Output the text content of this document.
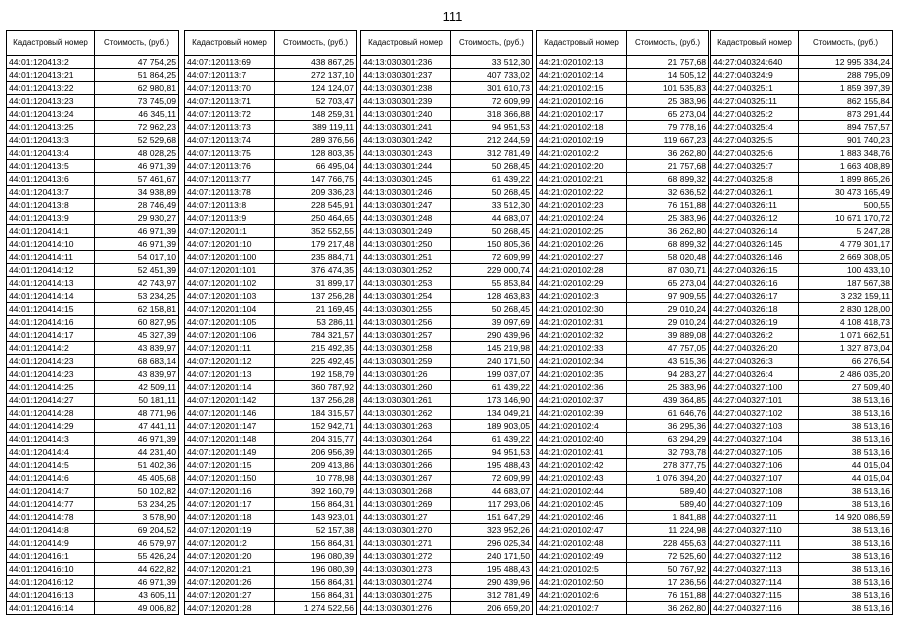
111
Кадастровый номер	Стоимость, (руб.)
44:01:120413:2	47 754,25
44:01:120413:21	51 864,25
44:01:120413:22	62 980,81
44:01:120413:23	73 745,09
44:01:120413:24	46 345,11
44:01:120413:25	72 962,23
44:01:120413:3	52 529,68
44:01:120413:4	48 028,25
44:01:120413:5	46 971,39
44:01:120413:6	57 461,67
44:01:120413:7	34 938,89
44:01:120413:8	28 746,49
44:01:120413:9	29 930,27
44:01:120414:1	46 971,39
44:01:120414:10	46 971,39
44:01:120414:11	54 017,10
44:01:120414:12	52 451,39
44:01:120414:13	42 743,97
44:01:120414:14	53 234,25
44:01:120414:15	62 158,81
44:01:120414:16	60 827,95
44:01:120414:17	45 327,39
44:01:120414:2	43 839,97
44:01:120414:23	68 683,14
44:01:120414:23	43 839,97
44:01:120414:25	42 509,11
44:01:120414:27	50 181,11
44:01:120414:28	48 771,96
44:01:120414:29	47 441,11
44:01:120414:3	46 971,39
44:01:120414:4	44 231,40
44:01:120414:5	51 402,36
44:01:120414:6	45 405,68
44:01:120414:7	50 102,82
44:01:120414:77	53 234,25
44:01:120414:78	3 578,90
44:01:120414:8	69 204,52
44:01:120414:9	46 579,97
44:01:120416:1	55 426,24
44:01:120416:10	44 622,82
44:01:120416:12	46 971,39
44:01:120416:13	43 605,11
44:01:120416:14	49 006,82
Кадастровый номер	Стоимость, (руб.)
44:07:120113:69	438 867,25
44:07:120113:7	272 137,10
44:07:120113:70	124 124,07
44:07:120113:71	52 703,47
44:07:120113:72	148 259,31
44:07:120113:73	389 119,11
44:07:120113:74	289 376,56
44:07:120113:75	128 803,35
44:07:120113:76	66 495,04
44:07:120113:77	147 766,75
44:07:120113:78	209 336,23
44:07:120113:8	228 545,91
44:07:120113:9	250 464,65
44:07:120201:1	352 552,55
44:07:120201:10	179 217,48
44:07:120201:100	235 884,71
44:07:120201:101	376 474,35
44:07:120201:102	31 899,17
44:07:120201:103	137 256,28
44:07:120201:104	21 169,45
44:07:120201:105	53 286,11
44:07:120201:106	784 321,57
44:07:120201:11	215 492,35
44:07:120201:12	225 492,45
44:07:120201:13	192 158,79
44:07:120201:14	360 787,92
44:07:120201:142	137 256,28
44:07:120201:146	184 315,57
44:07:120201:147	152 942,71
44:07:120201:148	204 315,77
44:07:120201:149	206 956,39
44:07:120201:15	209 413,86
44:07:120201:150	10 778,98
44:07:120201:16	392 160,79
44:07:120201:17	156 864,31
44:07:120201:18	143 923,01
44:07:120201:19	52 157,38
44:07:120201:2	156 864,31
44:07:120201:20	196 080,39
44:07:120201:21	196 080,39
44:07:120201:26	156 864,31
44:07:120201:27	156 864,31
44:07:120201:28	1 274 522,56
Кадастровый номер	Стоимость, (руб.)
44:13:030301:236	33 512,30
44:13:030301:237	407 733,02
44:13:030301:238	301 610,73
44:13:030301:239	72 609,99
44:13:030301:240	318 366,88
44:13:030301:241	94 951,53
44:13:030301:242	212 244,59
44:13:030301:243	312 781,49
44:13:030301:244	50 268,45
44:13:030301:245	61 439,22
44:13:030301:246	50 268,45
44:13:030301:247	33 512,30
44:13:030301:248	44 683,07
44:13:030301:249	50 268,45
44:13:030301:250	150 805,36
44:13:030301:251	72 609,99
44:13:030301:252	229 000,74
44:13:030301:253	55 853,84
44:13:030301:254	128 463,83
44:13:030301:255	50 268,45
44:13:030301:256	39 097,69
44:13:030301:257	290 439,96
44:13:030301:258	145 219,98
44:13:030301:259	240 171,50
44:13:030301:26	199 037,07
44:13:030301:260	61 439,22
44:13:030301:261	173 146,90
44:13:030301:262	134 049,21
44:13:030301:263	189 903,05
44:13:030301:264	61 439,22
44:13:030301:265	94 951,53
44:13:030301:266	195 488,43
44:13:030301:267	72 609,99
44:13:030301:268	44 683,07
44:13:030301:269	117 293,06
44:13:030301:27	151 647,29
44:13:030301:270	323 952,26
44:13:030301:271	296 025,34
44:13:030301:272	240 171,50
44:13:030301:273	195 488,43
44:13:030301:274	290 439,96
44:13:030301:275	312 781,49
44:13:030301:276	206 659,20
Кадастровый номер	Стоимость, (руб.)
44:21:020102:13	21 757,68
44:21:020102:14	14 505,12
44:21:020102:15	101 535,83
44:21:020102:16	25 383,96
44:21:020102:17	65 273,04
44:21:020102:18	79 778,16
44:21:020102:19	119 667,23
44:21:020102:2	36 262,80
44:21:020102:20	21 757,68
44:21:020102:21	68 899,32
44:21:020102:22	32 636,52
44:21:020102:23	76 151,88
44:21:020102:24	25 383,96
44:21:020102:25	36 262,80
44:21:020102:26	68 899,32
44:21:020102:27	58 020,48
44:21:020102:28	87 030,71
44:21:020102:29	65 273,04
44:21:020102:3	97 909,55
44:21:020102:30	29 010,24
44:21:020102:31	29 010,24
44:21:020102:32	39 889,08
44:21:020102:33	47 757,05
44:21:020102:34	43 515,36
44:21:020102:35	94 283,27
44:21:020102:36	25 383,96
44:21:020102:37	439 364,85
44:21:020102:39	61 646,76
44:21:020102:4	36 295,36
44:21:020102:40	63 294,29
44:21:020102:41	32 793,78
44:21:020102:42	278 377,75
44:21:020102:43	1 076 394,20
44:21:020102:44	589,40
44:21:020102:45	589,40
44:21:020102:46	1 841,88
44:21:020102:47	11 224,98
44:21:020102:48	228 455,63
44:21:020102:49	72 525,60
44:21:020102:5	50 767,92
44:21:020102:50	17 236,56
44:21:020102:6	76 151,88
44:21:020102:7	36 262,80
Кадастровый номер	Стоимость, (руб.)
44:27:040324:640	12 995 334,24
44:27:040324:9	288 795,09
44:27:040325:1	1 859 397,39
44:27:040325:11	862 155,84
44:27:040325:2	873 291,44
44:27:040325:4	894 757,57
44:27:040325:5	901 740,23
44:27:040325:6	1 883 348,76
44:27:040325:7	1 663 408,89
44:27:040325:8	1 899 865,26
44:27:040326:1	30 473 165,49
44:27:040326:11	500,55
44:27:040326:12	10 671 170,72
44:27:040326:14	5 247,28
44:27:040326:145	4 779 301,17
44:27:040326:146	2 669 308,05
44:27:040326:15	100 433,10
44:27:040326:16	187 567,38
44:27:040326:17	3 232 159,11
44:27:040326:18	2 830 128,00
44:27:040326:19	4 108 418,73
44:27:040326:2	1 071 662,51
44:27:040326:20	1 327 873,04
44:27:040326:3	66 276,54
44:27:040326:4	2 486 035,20
44:27:040327:100	27 509,40
44:27:040327:101	38 513,16
44:27:040327:102	38 513,16
44:27:040327:103	38 513,16
44:27:040327:104	38 513,16
44:27:040327:105	38 513,16
44:27:040327:106	44 015,04
44:27:040327:107	44 015,04
44:27:040327:108	38 513,16
44:27:040327:109	38 513,16
44:27:040327:11	14 920 086,59
44:27:040327:110	38 513,16
44:27:040327:111	38 513,16
44:27:040327:112	38 513,16
44:27:040327:113	38 513,16
44:27:040327:114	38 513,16
44:27:040327:115	38 513,16
44:27:040327:116	38 513,16
